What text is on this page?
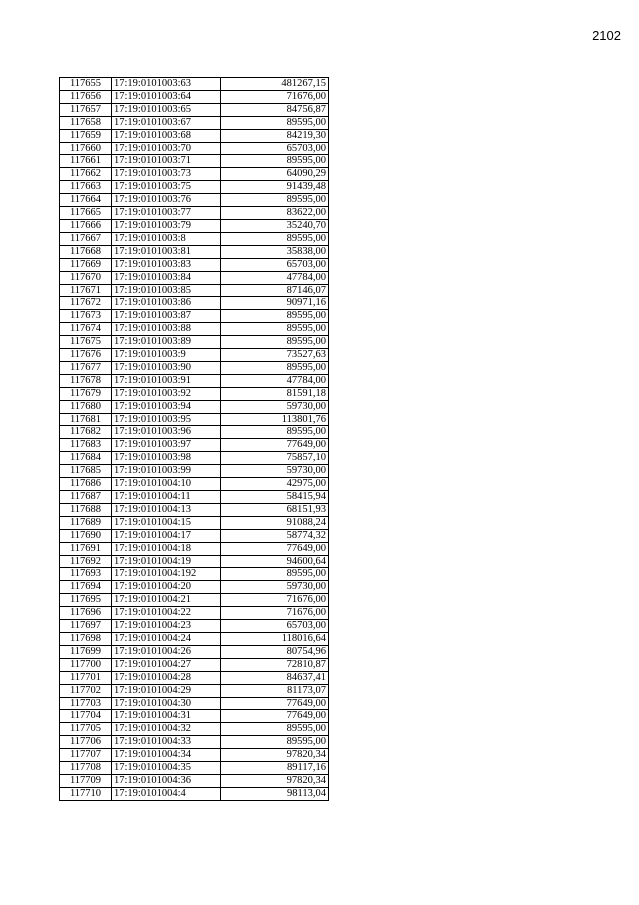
2102
117655	17:19:0101003:63	481267,15
117656	17:19:0101003:64	71676,00
117657	17:19:0101003:65	84756,87
117658	17:19:0101003:67	89595,00
117659	17:19:0101003:68	84219,30
117660	17:19:0101003:70	65703,00
117661	17:19:0101003:71	89595,00
117662	17:19:0101003:73	64090,29
117663	17:19:0101003:75	91439,48
117664	17:19:0101003:76	89595,00
117665	17:19:0101003:77	83622,00
117666	17:19:0101003:79	35240,70
117667	17:19:0101003:8	89595,00
117668	17:19:0101003:81	35838,00
117669	17:19:0101003:83	65703,00
117670	17:19:0101003:84	47784,00
117671	17:19:0101003:85	87146,07
117672	17:19:0101003:86	90971,16
117673	17:19:0101003:87	89595,00
117674	17:19:0101003:88	89595,00
117675	17:19:0101003:89	89595,00
117676	17:19:0101003:9	73527,63
117677	17:19:0101003:90	89595,00
117678	17:19:0101003:91	47784,00
117679	17:19:0101003:92	81591,18
117680	17:19:0101003:94	59730,00
117681	17:19:0101003:95	113801,76
117682	17:19:0101003:96	89595,00
117683	17:19:0101003:97	77649,00
117684	17:19:0101003:98	75857,10
117685	17:19:0101003:99	59730,00
117686	17:19:0101004:10	42975,00
117687	17:19:0101004:11	58415,94
117688	17:19:0101004:13	68151,93
117689	17:19:0101004:15	91088,24
117690	17:19:0101004:17	58774,32
117691	17:19:0101004:18	77649,00
117692	17:19:0101004:19	94600,64
117693	17:19:0101004:192	89595,00
117694	17:19:0101004:20	59730,00
117695	17:19:0101004:21	71676,00
117696	17:19:0101004:22	71676,00
117697	17:19:0101004:23	65703,00
117698	17:19:0101004:24	118016,64
117699	17:19:0101004:26	80754,96
117700	17:19:0101004:27	72810,87
117701	17:19:0101004:28	84637,41
117702	17:19:0101004:29	81173,07
117703	17:19:0101004:30	77649,00
117704	17:19:0101004:31	77649,00
117705	17:19:0101004:32	89595,00
117706	17:19:0101004:33	89595,00
117707	17:19:0101004:34	97820,34
117708	17:19:0101004:35	89117,16
117709	17:19:0101004:36	97820,34
117710	17:19:0101004:4	98113,04
